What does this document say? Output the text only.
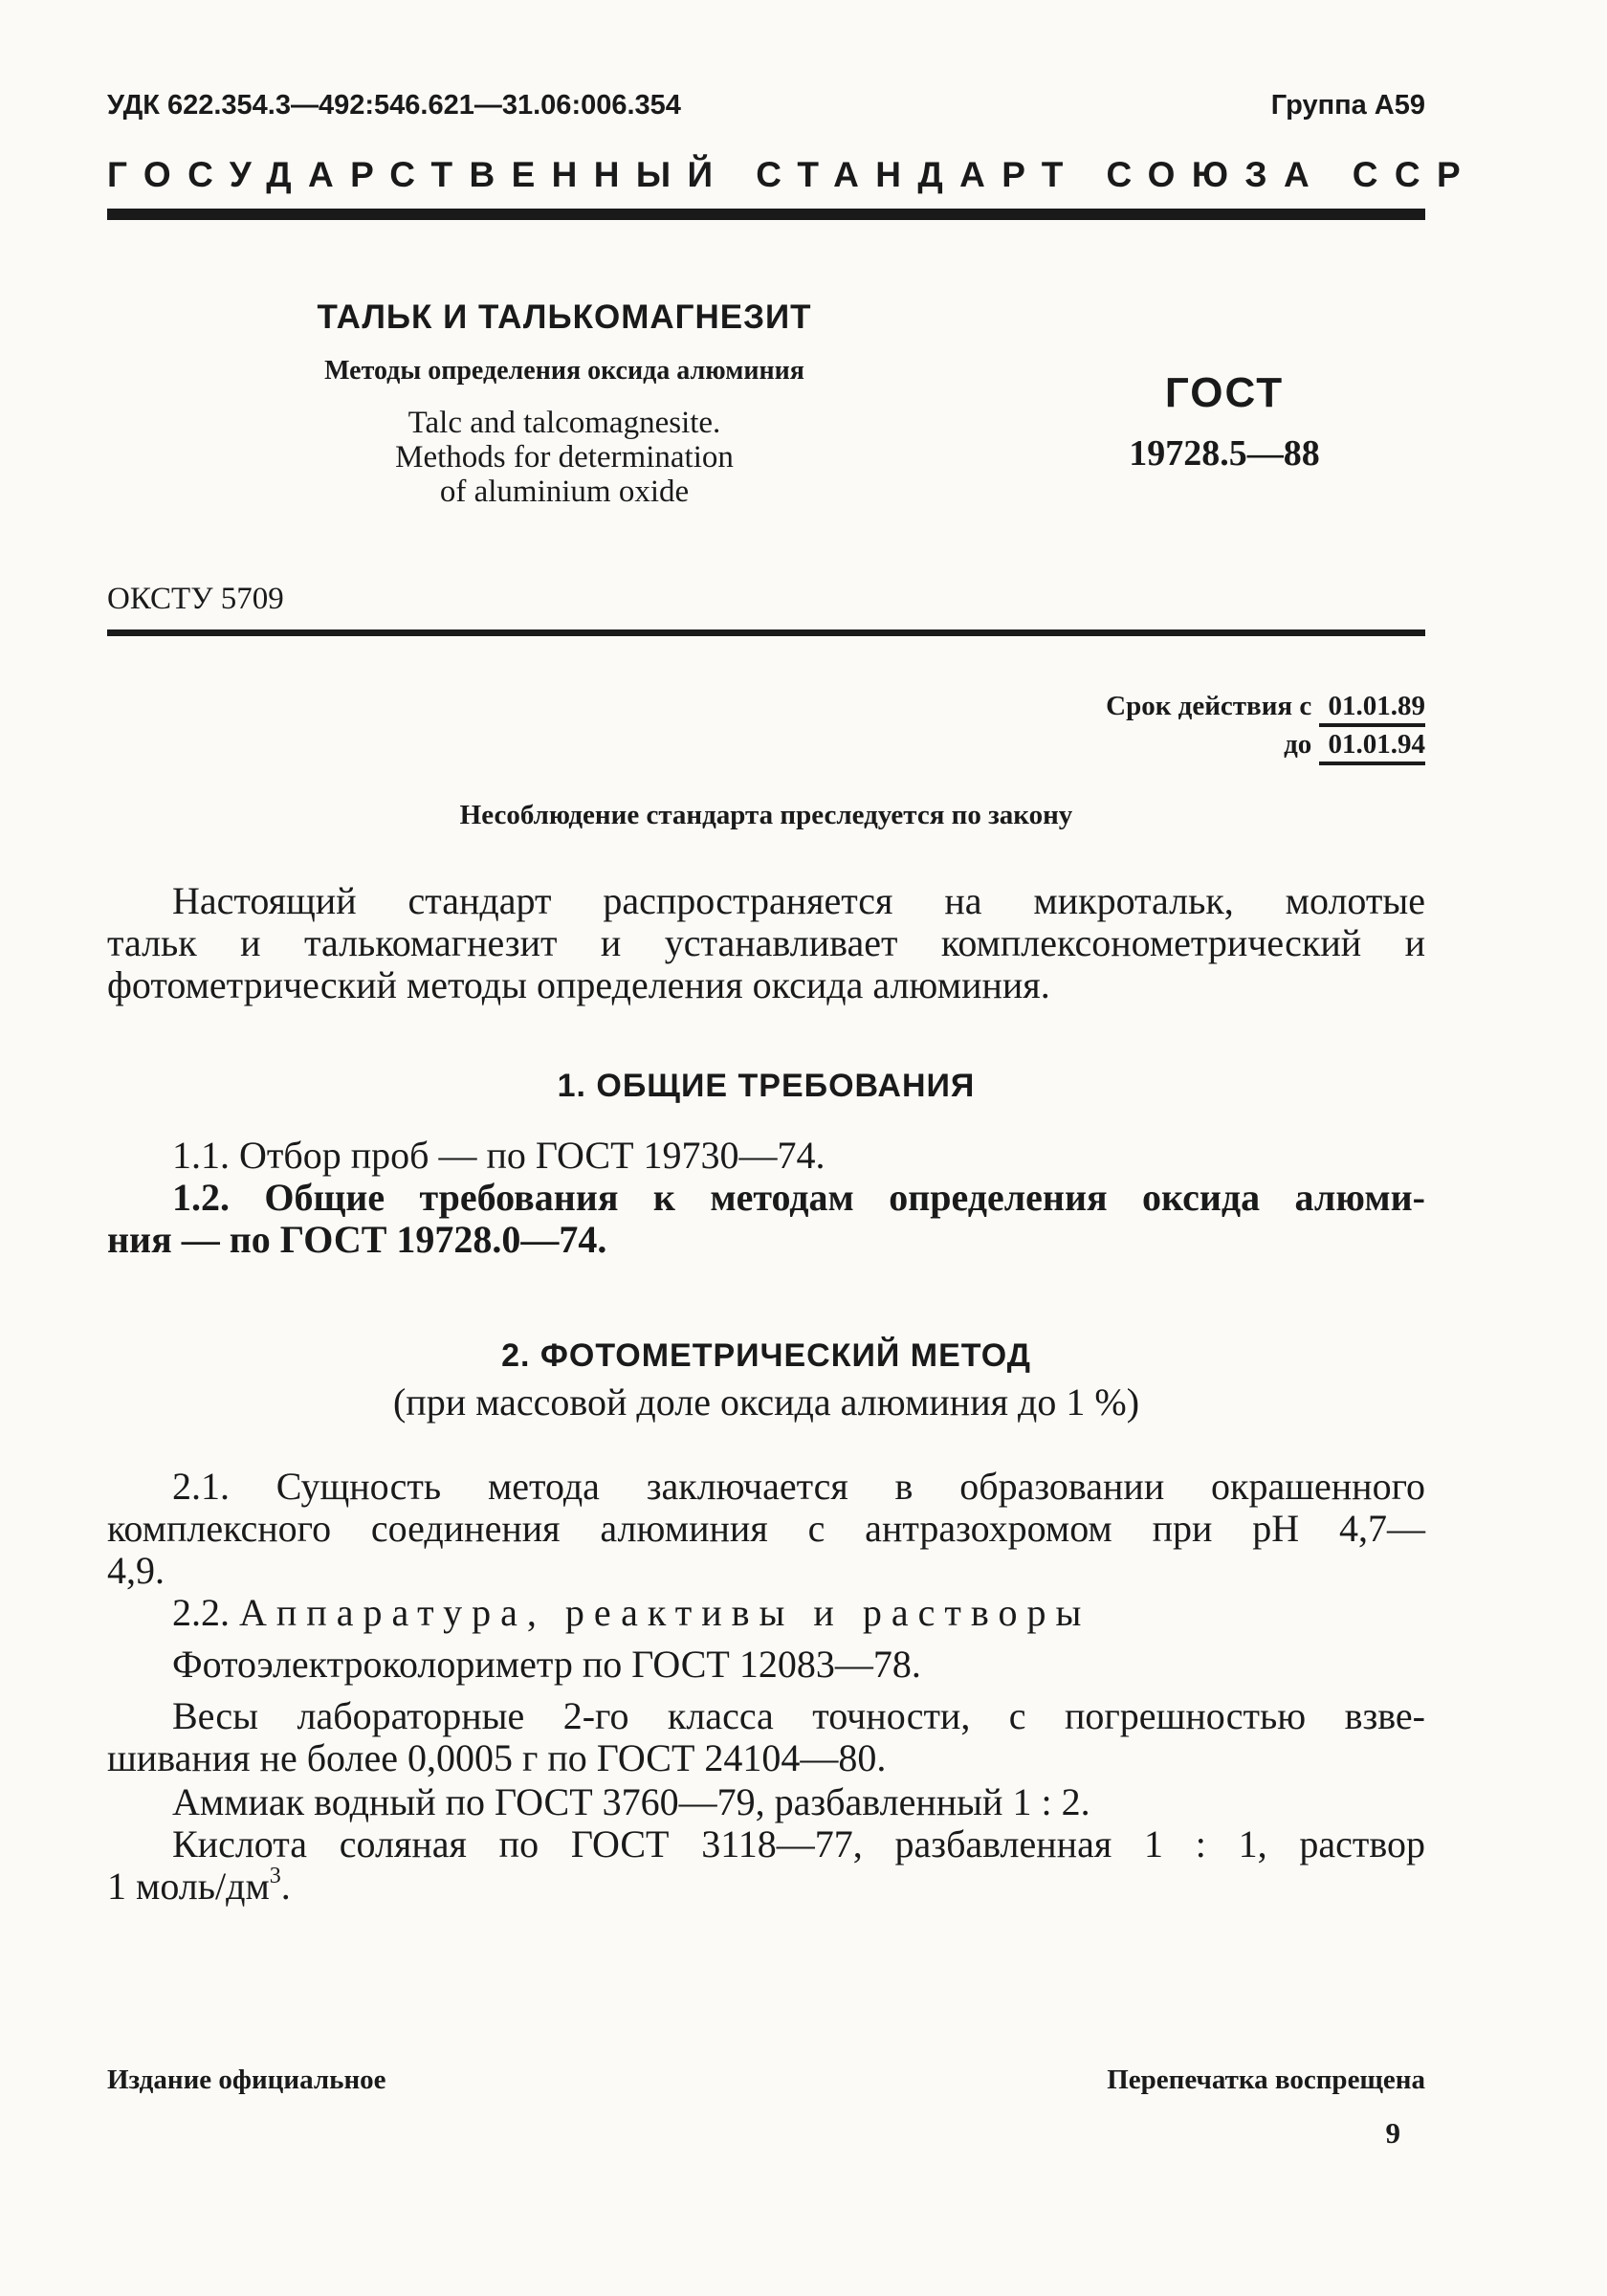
УДК 622.354.3—492:546.621—31.06:006.354	Группа А59
ГОСУДАРСТВЕННЫЙ СТАНДАРТ СОЮЗА ССР
ТАЛЬК И ТАЛЬКОМАГНЕЗИТ
Методы определения оксида алюминия
Talc and talcomagnesite.
Methods for determination
of aluminium oxide
ГОСТ
19728.5—88
ОКСТУ 5709
Срок действия с 01.01.89
до 01.01.94
Несоблюдение стандарта преследуется по закону
Настоящий стандарт распространяется на микротальк, молотые
тальк и талькомагнезит и устанавливает комплексонометрический и
фотометрический методы определения оксида алюминия.
1. ОБЩИЕ ТРЕБОВАНИЯ
1.1. Отбор проб — по ГОСТ 19730—74.
1.2. Общие требования к методам определения оксида алюми-
ния — по ГОСТ 19728.0—74.
2. ФОТОМЕТРИЧЕСКИЙ МЕТОД
(при массовой доле оксида алюминия до 1 %)
2.1. Сущность метода заключается в образовании окрашенного
комплексного соединения алюминия с антразохромом при pH 4,7—
4,9.
2.2. Аппаратура, реактивы и растворы
Фотоэлектроколориметр по ГОСТ 12083—78.
Весы лабораторные 2-го класса точности, с погрешностью взве-
шивания не более 0,0005 г по ГОСТ 24104—80.
Аммиак водный по ГОСТ 3760—79, разбавленный 1 : 2.
Кислота соляная по ГОСТ 3118—77, разбавленная 1 : 1, раствор
1 моль/$дм^3$.
Издание официальное	Перепечатка воспрещена
9
